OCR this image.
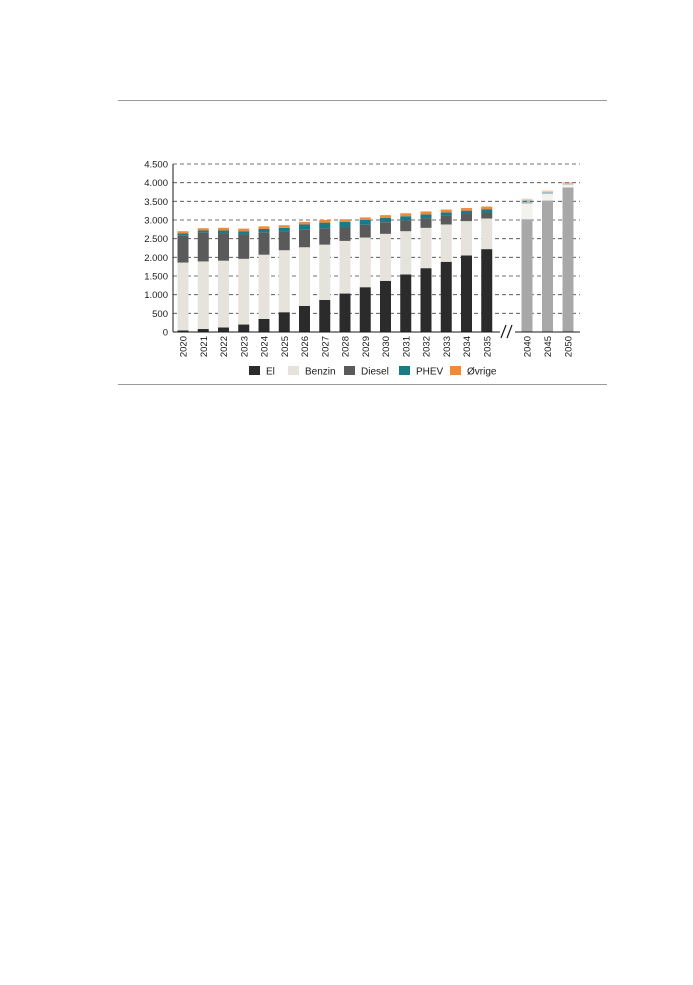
0
500
1.000
1.500
2.000
2.500
3.000
3.500
4.000
4.500
2020 2021 2022 2023 2024 2025 2026 2027 2028 2029 2030 2031 2032 2033 2034 2035	2040 2045 2050
El	Benzin	Diesel	PHEV Øvrige
